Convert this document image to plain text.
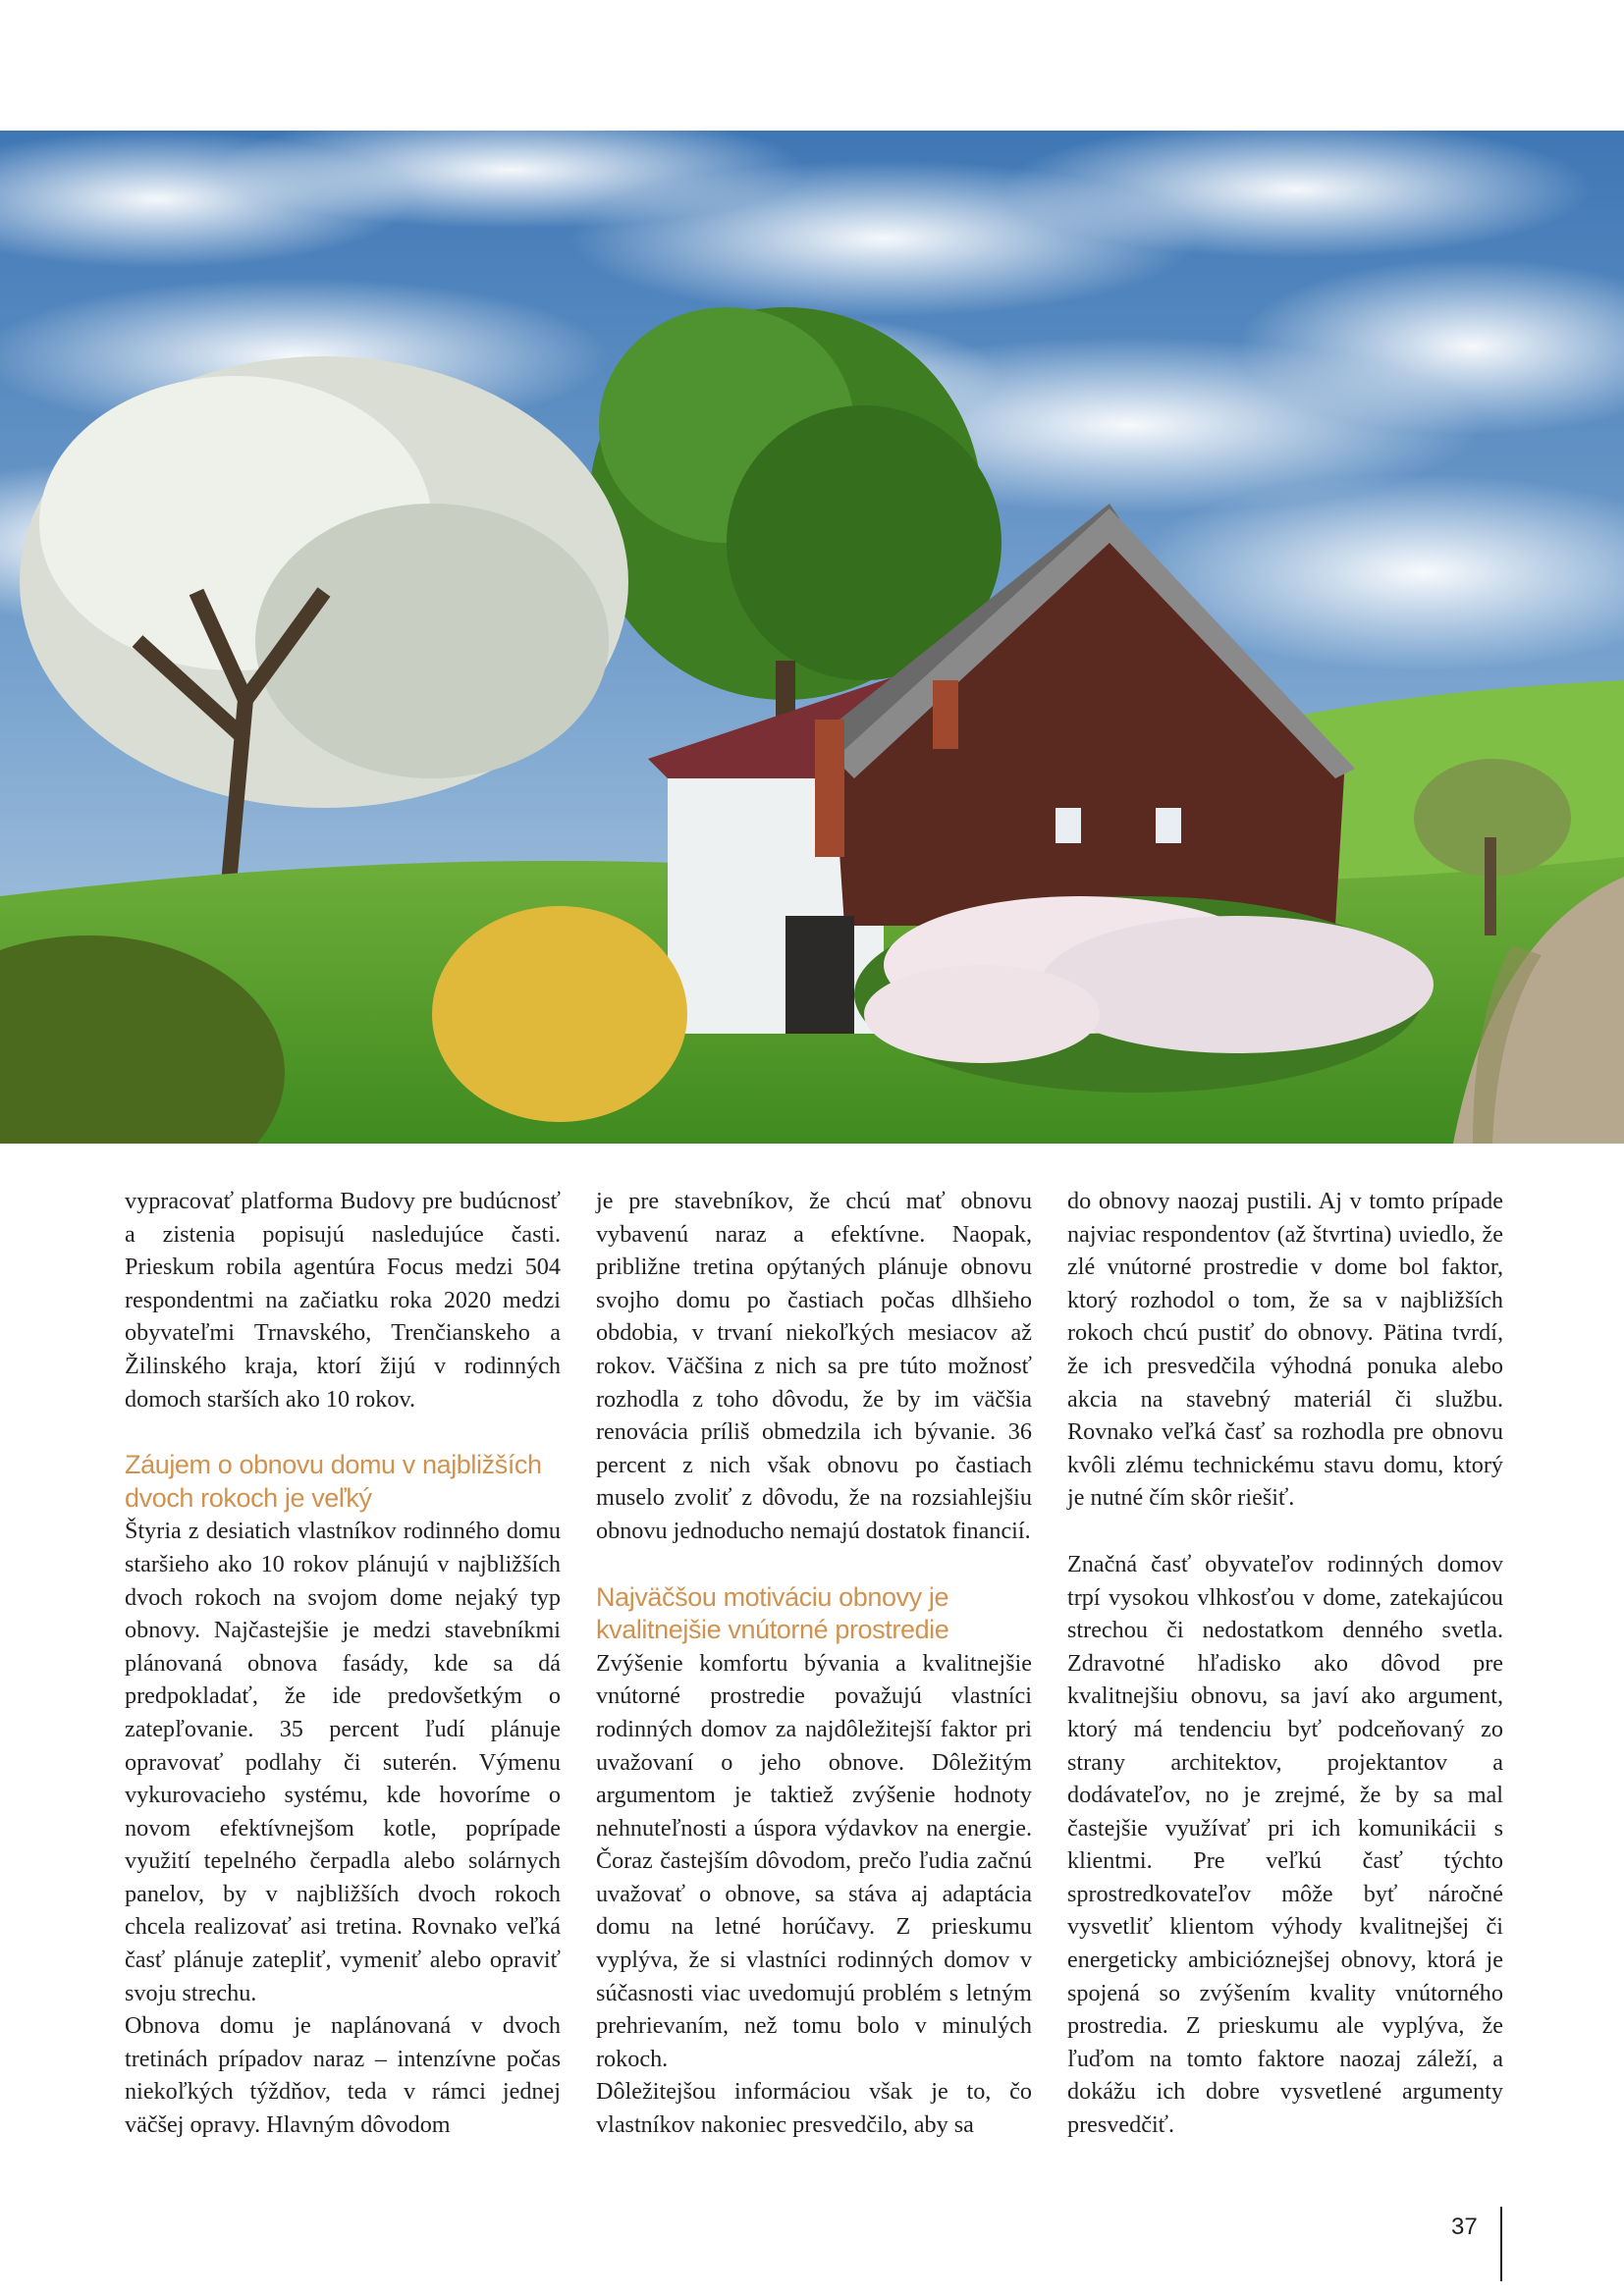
vypracovať platforma Budovy pre budúcnosť a zistenia popisujú nasledujúce časti. Prieskum robila agentúra Focus medzi 504 respondentmi na začiatku roka 2020 medzi obyvateľmi Trnavského, Trenčianskeho a Žilinského kraja, ktorí žijú v rodinných domoch starších ako 10 rokov.

Záujem o obnovu domu v najbližších dvoch rokoch je veľký

Štyria z desiatich vlastníkov rodinného domu staršieho ako 10 rokov plánujú v najbližších dvoch rokoch na svojom dome nejaký typ obnovy. Najčastejšie je medzi stavebníkmi plánovaná obnova fasády, kde sa dá predpokladať, že ide predovšetkým o zatepľovanie. 35 percent ľudí plánuje opravovať podlahy či suterén. Výmenu vykurovacieho systému, kde hovoríme o novom efektívnejšom kotle, poprípade využití tepelného čerpadla alebo solárnych panelov, by v najbližších dvoch rokoch chcela realizovať asi tretina. Rovnako veľká časť plánuje zatepliť, vymeniť alebo opraviť svoju strechu.

Obnova domu je naplánovaná v dvoch tretinách prípadov naraz – intenzívne počas niekoľkých týždňov, teda v rámci jednej väčšej opravy. Hlavným dôvodom

je pre stavebníkov, že chcú mať obnovu vybavenú naraz a efektívne. Naopak, približne tretina opýtaných plánuje obnovu svojho domu po častiach počas dlhšieho obdobia, v trvaní niekoľkých mesiacov až rokov. Väčšina z nich sa pre túto možnosť rozhodla z toho dôvodu, že by im väčšia renovácia príliš obmedzila ich bývanie. 36 percent z nich však obnovu po častiach muselo zvoliť z dôvodu, že na rozsiahlejšiu obnovu jednoducho nemajú dostatok financií.

Najväčšou motiváciu obnovy je kvalitnejšie vnútorné prostredie

Zvýšenie komfortu bývania a kvalitnejšie vnútorné prostredie považujú vlastníci rodinných domov za najdôležitejší faktor pri uvažovaní o jeho obnove. Dôležitým argumentom je taktiež zvýšenie hodnoty nehnuteľnosti a úspora výdavkov na energie. Čoraz častejším dôvodom, prečo ľudia začnú uvažovať o obnove, sa stáva aj adaptácia domu na letné horúčavy. Z prieskumu vyplýva, že si vlastníci rodinných domov v súčasnosti viac uvedomujú problém s letným prehrievaním, než tomu bolo v minulých rokoch.

Dôležitejšou informáciou však je to, čo vlastníkov nakoniec presvedčilo, aby sa

do obnovy naozaj pustili. Aj v tomto prípade najviac respondentov (až štvrtina) uviedlo, že zlé vnútorné prostredie v dome bol faktor, ktorý rozhodol o tom, že sa v najbližších rokoch chcú pustiť do obnovy. Pätina tvrdí, že ich presvedčila výhodná ponuka alebo akcia na stavebný materiál či službu. Rovnako veľká časť sa rozhodla pre obnovu kvôli zlému technickému stavu domu, ktorý je nutné čím skôr riešiť.

Značná časť obyvateľov rodinných domov trpí vysokou vlhkosťou v dome, zatekajúcou strechou či nedostatkom denného svetla. Zdravotné hľadisko ako dôvod pre kvalitnejšiu obnovu, sa javí ako argument, ktorý má tendenciu byť podceňovaný zo strany architektov, projektantov a dodávateľov, no je zrejmé, že by sa mal častejšie využívať pri ich komunikácii s klientmi. Pre veľkú časť týchto sprostredkovateľov môže byť náročné vysvetliť klientom výhody kvalitnejšej či energeticky ambicióznejšej obnovy, ktorá je spojená so zvýšením kvality vnútorného prostredia. Z prieskumu ale vyplýva, že ľuďom na tomto faktore naozaj záleží, a dokážu ich dobre vysvetlené argumenty presvedčiť.

37
